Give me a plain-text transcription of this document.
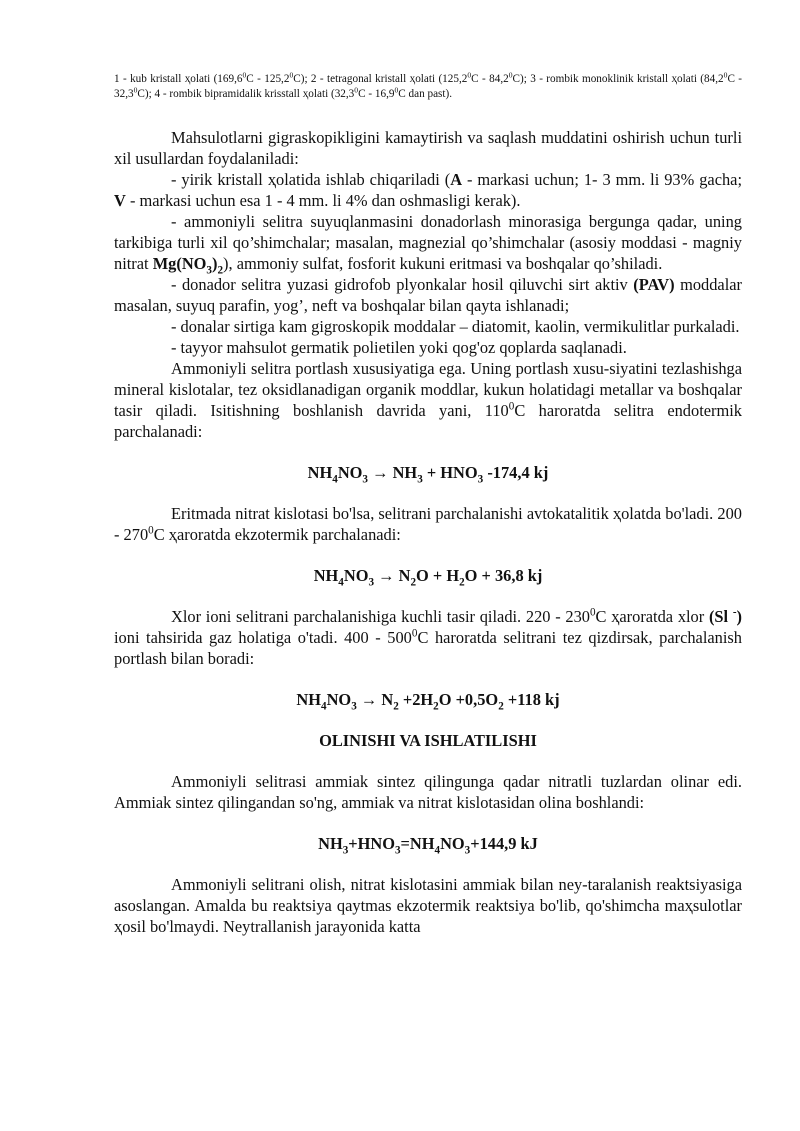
1 - kub kristall ҳolati (169,6$^0$C - 125,2$^0$C); 2 - tetragonal kristall ҳolati (125,2$^0$C - 84,2$^0$C); 3 - rombik monoklinik kristall ҳolati (84,2$^0$C - 32,3$^0$C); 4 - rombik bipramidalik krisstall ҳolati (32,3$^0$C - 16,9$^0$C dan past).

Mahsulotlarni gigraskopikligini kamaytirish va saqlash muddatini oshirish uchun turli xil usullardan foydalaniladi:

- yirik kristall ҳolatida ishlab chiqariladi (A - markasi uchun; 1- 3 mm. li 93% gacha; V - markasi uchun esa 1 - 4 mm. li 4% dan oshmasligi kerak).

- ammoniyli selitra suyuqlanmasini donadorlash minorasiga bergunga qadar, uning tarkibiga turli xil qo’shimchalar; masalan, magnezial qo’shimchalar (asosiy moddasi - magniy nitrat $Mg(NO_3)_2$), ammoniy sulfat, fosforit kukuni eritmasi va boshqalar qo’shiladi.

- donador selitra yuzasi gidrofob plyonkalar hosil qiluvchi sirt aktiv (PAV) moddalar masalan, suyuq parafin, yog’, neft va boshqalar bilan qayta ishlanadi;

- donalar sirtiga kam gigroskopik moddalar – diatomit, kaolin, vermikulitlar purkaladi.

- tayyor mahsulot germatik polietilen yoki qog'oz qoplarda saqlanadi.

Ammoniyli selitra portlash xususiyatiga ega. Uning portlash xusu-siyatini tezlashishga mineral kislotalar, tez oksidlanadigan organik moddlar, kukun holatidagi metallar va boshqalar tasir qiladi. Isitishning boshlanish davrida yani, $110^0C$ haroratda selitra endotermik parchalanadi:

$NH_4NO_3 \to NH_3 + HNO_3$ -174,4 kj

Eritmada nitrat kislotasi bo'lsa, selitrani parchalanishi avtokatalitik ҳolatda bo'ladi. $200 - 270^0C$ ҳaroratda ekzotermik parchalanadi:

$NH_4NO_3 \to N_2O + H_2O + 36,8$ kj

Xlor ioni selitrani parchalanishiga kuchli tasir qiladi. $220 - 230^0C$ ҳaroratda xlor (Sl -) ioni tahsirida gaz holatiga o'tadi. $400 - 500^0C$ haroratda selitrani tez qizdirsak, parchalanish portlash bilan boradi:

$NH_4NO_3 \to N_2 +2H_2O +0,5O_2 +118$ kj
OLINISHI VA ISHLATILISHI

Ammoniyli selitrasi ammiak sintez qilingunga qadar nitratli tuzlardan olinar edi. Ammiak sintez qilingandan so'ng, ammiak va nitrat kislotasidan olina boshlandi:

$NH_3+HNO_3=NH_4NO_3+144,9$ kJ

Ammoniyli selitrani olish, nitrat kislotasini ammiak bilan ney-taralanish reaktsiyasiga asoslangan. Amalda bu reaktsiya qaytmas ekzotermik reaktsiya bo'lib, qo'shimcha maҳsulotlar ҳosil bo'lmaydi. Neytrallanish jarayonida katta
